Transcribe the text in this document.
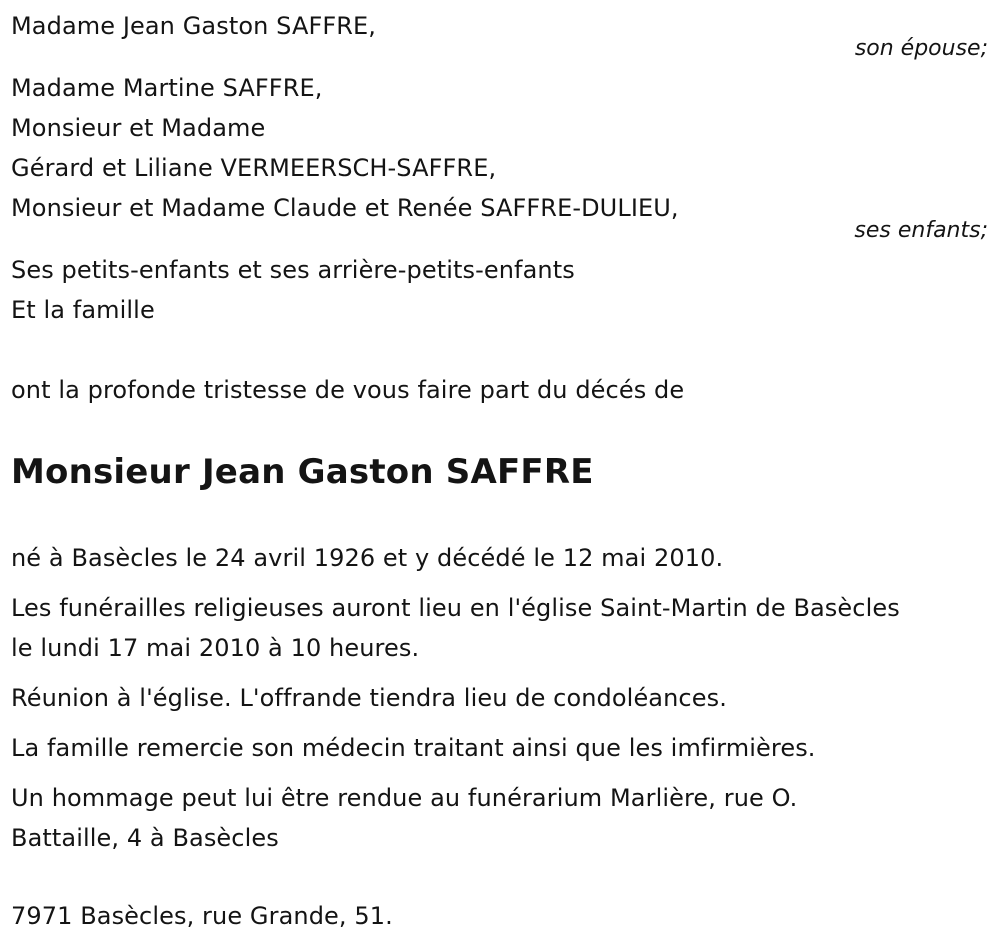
Madame Jean Gaston SAFFRE,
son épouse;
Madame Martine SAFFRE,
Monsieur et Madame
Gérard et Liliane VERMEERSCH-SAFFRE,
Monsieur et Madame Claude et Renée SAFFRE-DULIEU,
ses enfants;
Ses petits-enfants et ses arrière-petits-enfants
Et la famille
ont la profonde tristesse de vous faire part du décés de
Monsieur Jean Gaston SAFFRE
né à Basècles le 24 avril 1926 et y décédé le 12 mai 2010.
Les funérailles religieuses auront lieu en l'église Saint-Martin de Basècles
le lundi 17 mai 2010 à 10 heures.
Réunion à l'église. L'offrande tiendra lieu de condoléances.
La famille remercie son médecin traitant ainsi que les imfirmières.
Un hommage peut lui être rendue au funérarium Marlière, rue O.
Battaille, 4 à Basècles
7971 Basècles, rue Grande, 51.
